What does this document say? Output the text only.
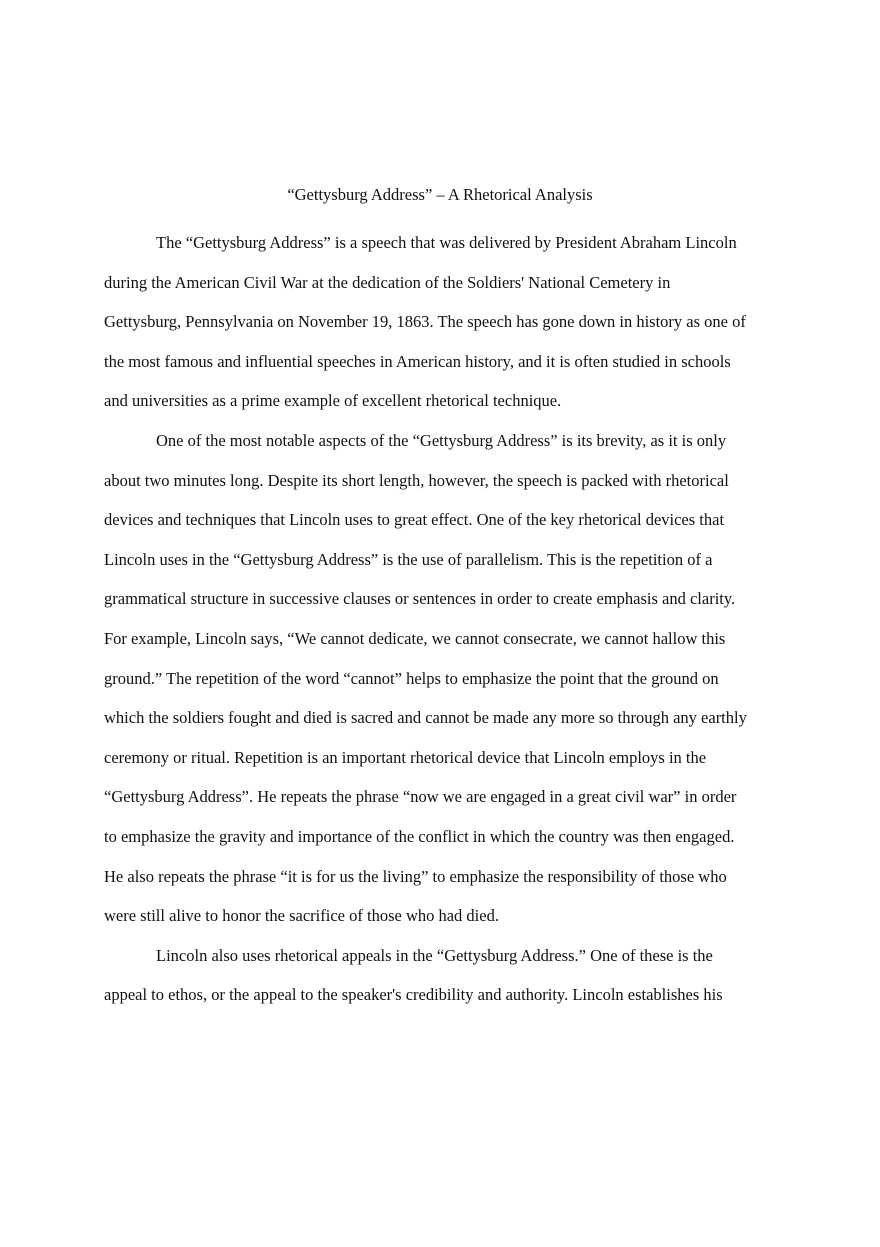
“Gettysburg Address” – A Rhetorical Analysis
The “Gettysburg Address” is a speech that was delivered by President Abraham Lincoln
during the American Civil War at the dedication of the Soldiers' National Cemetery in
Gettysburg, Pennsylvania on November 19, 1863. The speech has gone down in history as one of
the most famous and influential speeches in American history, and it is often studied in schools
and universities as a prime example of excellent rhetorical technique.
One of the most notable aspects of the “Gettysburg Address” is its brevity, as it is only
about two minutes long. Despite its short length, however, the speech is packed with rhetorical
devices and techniques that Lincoln uses to great effect. One of the key rhetorical devices that
Lincoln uses in the “Gettysburg Address” is the use of parallelism. This is the repetition of a
grammatical structure in successive clauses or sentences in order to create emphasis and clarity.
For example, Lincoln says, “We cannot dedicate, we cannot consecrate, we cannot hallow this
ground.” The repetition of the word “cannot” helps to emphasize the point that the ground on
which the soldiers fought and died is sacred and cannot be made any more so through any earthly
ceremony or ritual. Repetition is an important rhetorical device that Lincoln employs in the
“Gettysburg Address”. He repeats the phrase “now we are engaged in a great civil war” in order
to emphasize the gravity and importance of the conflict in which the country was then engaged.
He also repeats the phrase “it is for us the living” to emphasize the responsibility of those who
were still alive to honor the sacrifice of those who had died.
Lincoln also uses rhetorical appeals in the “Gettysburg Address.” One of these is the
appeal to ethos, or the appeal to the speaker's credibility and authority. Lincoln establishes his
